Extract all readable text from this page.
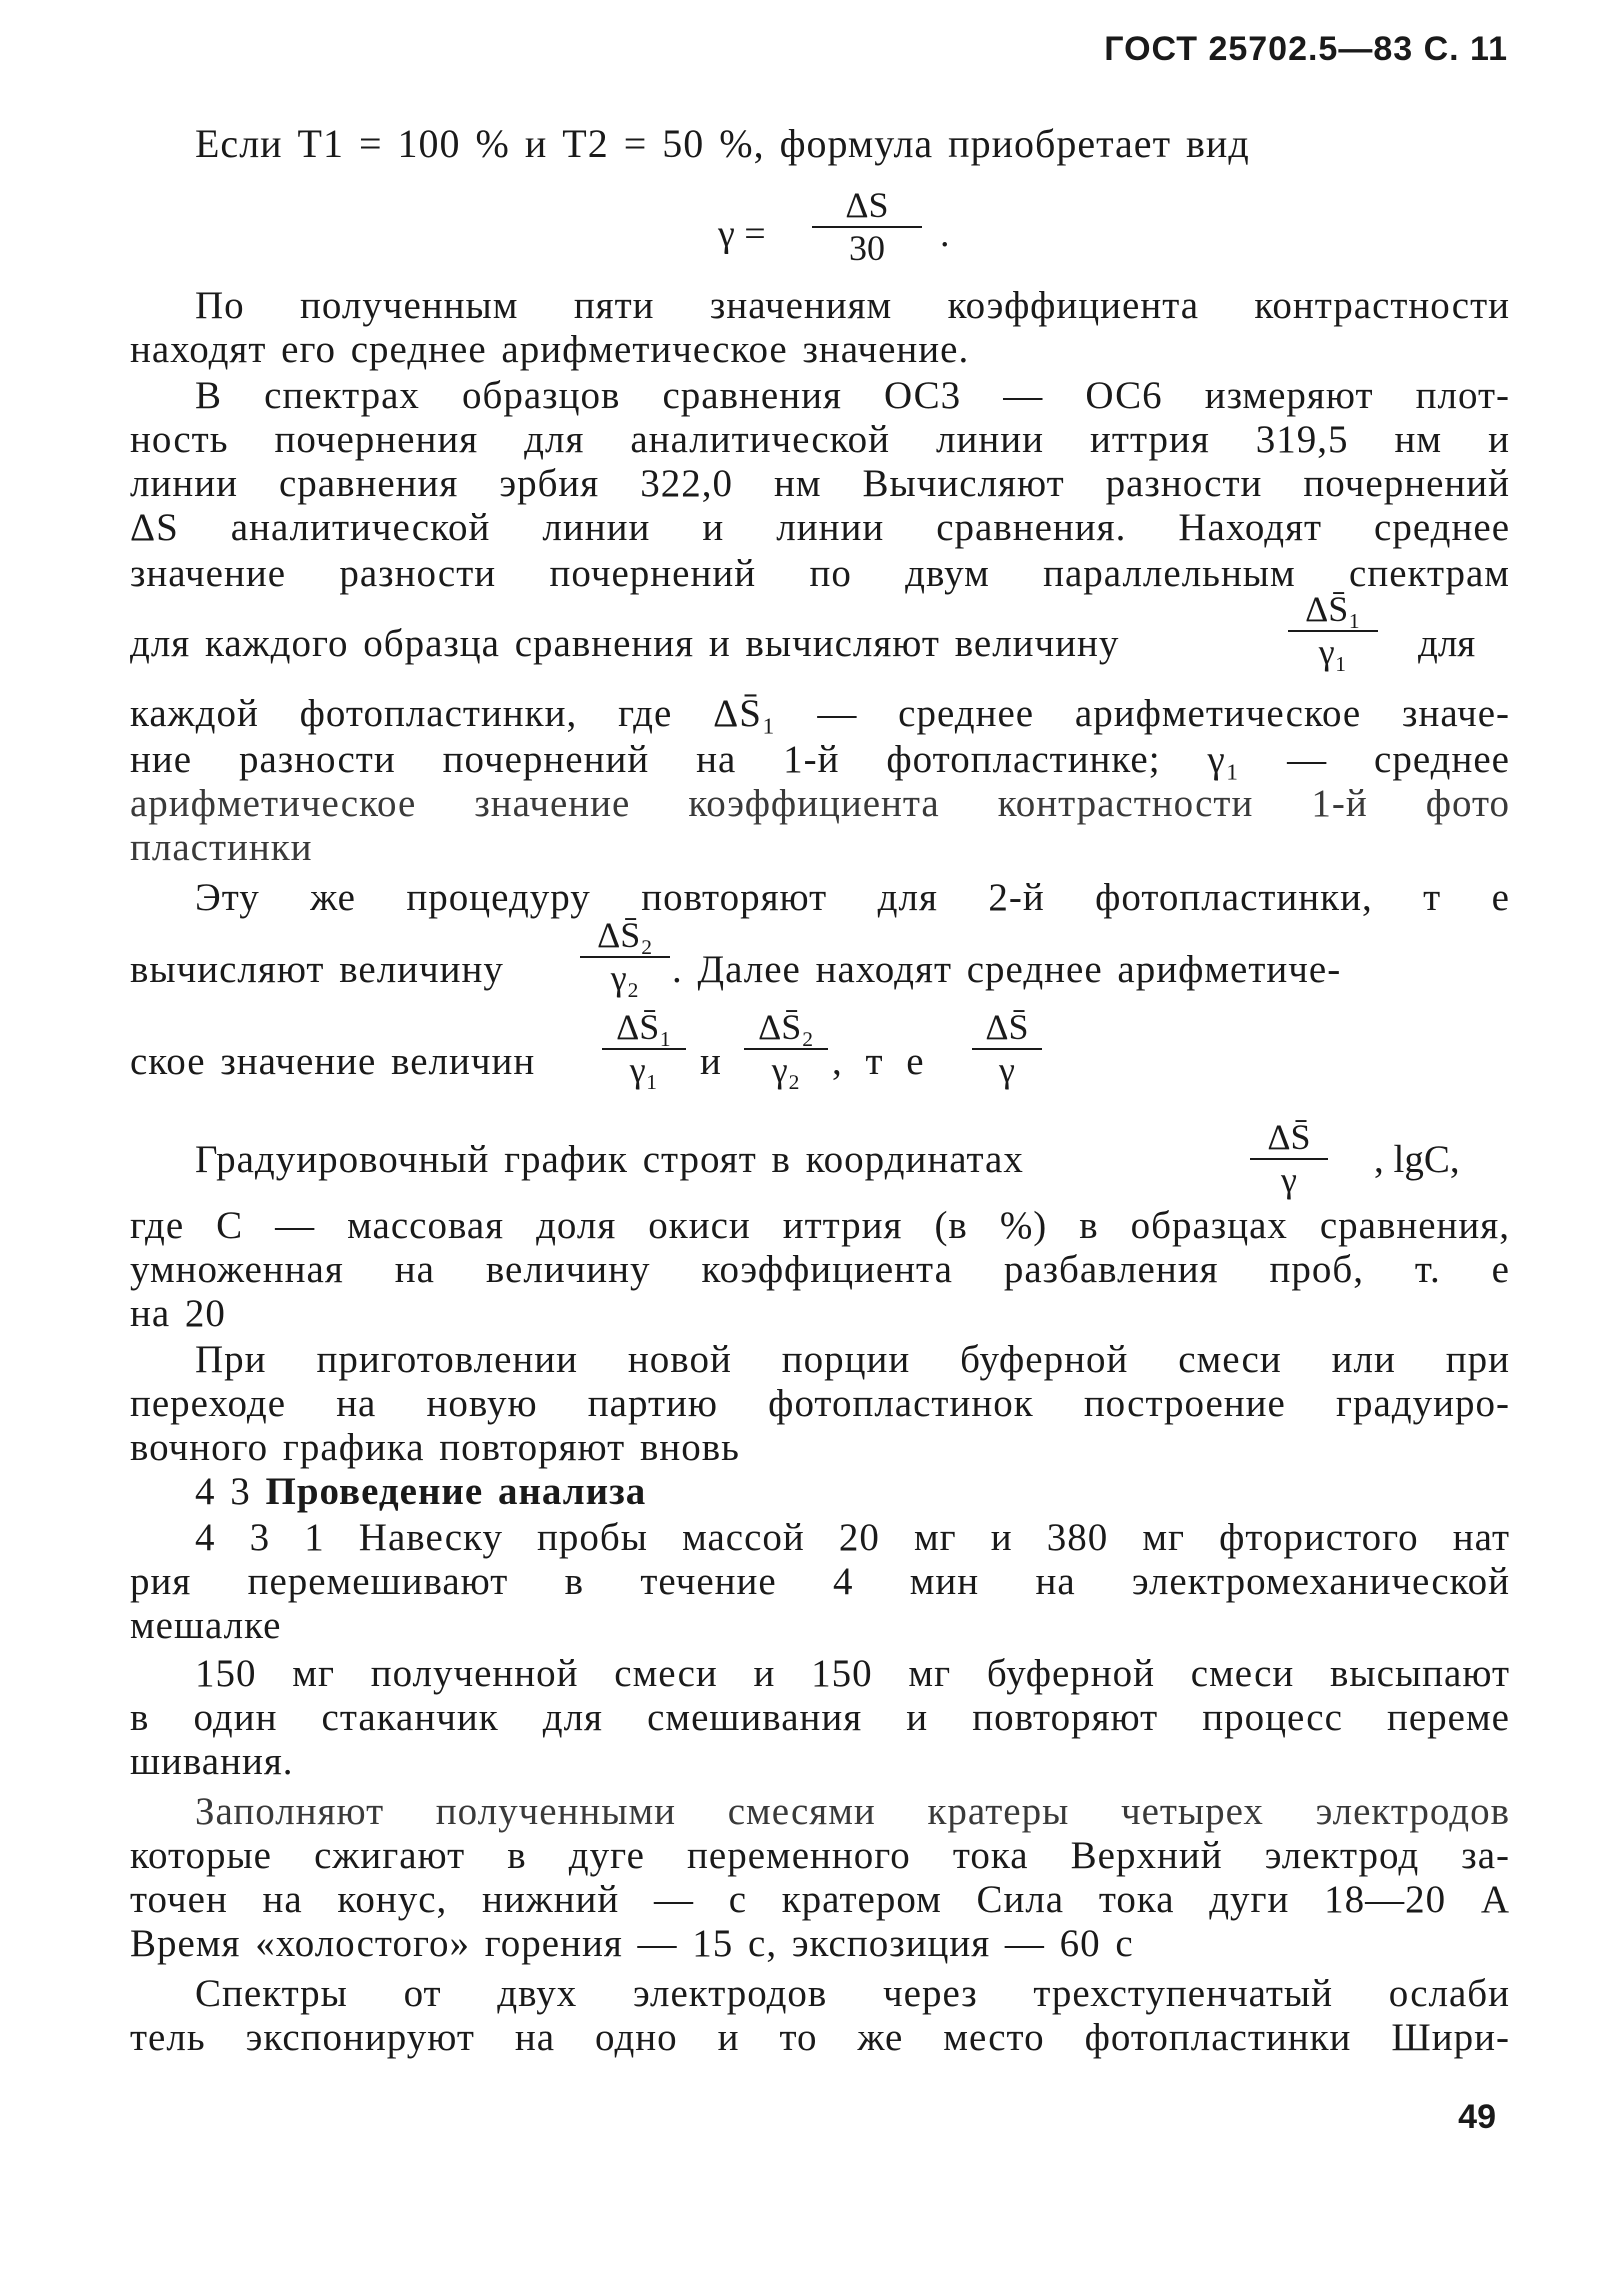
ГОСТ 25702.5—83 С. 11
Если T1 = 100 % и T2 = 50 %, формула приобретает вид
γ =
ΔS
30	.
По полученным пяти значениям коэффициента контрастности
находят его среднее арифметическое значение.
В спектрах образцов сравнения ОС3 — ОС6 измеряют плот-
ность почернения для аналитической линии иттрия 319,5 нм и
линии сравнения эрбия 322,0 нм Вычисляют разности почернений
ΔS аналитической линии и линии сравнения. Находят среднее
значение разности почернений по двум параллельным спектрам
для каждого образца сравнения и вычисляют величину
ΔS̄₁
γ₁	для
каждой фотопластинки, где ΔS̄₁ — среднее арифметическое значе-
ние разности почернений на 1-й фотопластинке; γ₁ — среднее
арифметическое значение коэффициента контрастности 1-й фото
пластинки
Эту же процедуру повторяют для 2-й фотопластинки, т е
вычисляют величину
ΔS̄₂
γ₂ . Далее находят среднее арифметиче-
ское значение величин
ΔS̄₁
γ₁	и
ΔS̄₂
γ₂ , т е
ΔS̄
γ
Градуировочный график строят в координатах
ΔS̄
γ	, lgC,
где C — массовая доля окиси иттрия (в %) в образцах сравнения,
умноженная на величину коэффициента разбавления проб, т. е
на 20
При приготовлении новой порции буферной смеси или при
переходе на новую партию фотопластинок построение градуиро-
вочного графика повторяют вновь
4 3 Проведение анализа
4 3 1 Навеску пробы массой 20 мг и 380 мг фтористого нат
рия перемешивают в течение 4 мин на электромеханической
мешалке
150 мг полученной смеси и 150 мг буферной смеси высыпают
в один стаканчик для смешивания и повторяют процесс переме
шивания.
Заполняют полученными смесями кратеры четырех электродов
которые сжигают в дуге переменного тока Верхний электрод за-
точен на конус, нижний — с кратером Сила тока дуги 18—20 А
Время «холостого» горения — 15 с, экспозиция — 60 с
Спектры от двух электродов через трехступенчатый ослаби
тель экспонируют на одно и то же место фотопластинки Шири-
49
